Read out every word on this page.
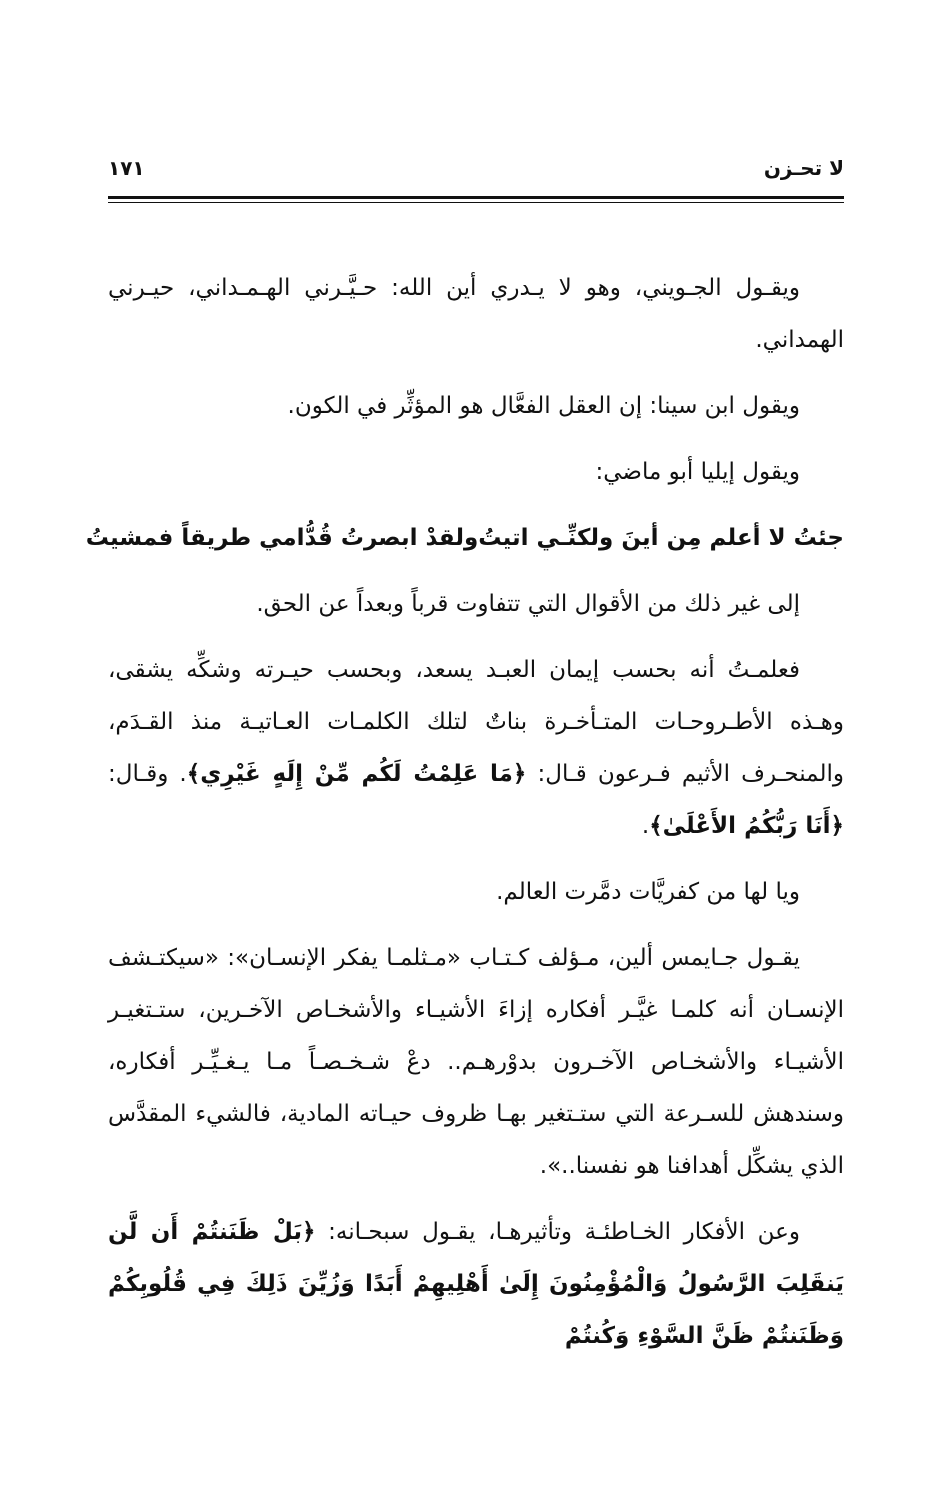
لا تحـزن
١٧١

ويقـول الجـويني، وهو لا يـدري أين الله: حـيَّـرني الهـمـداني، حيـرني الهمداني.

ويقول ابن سينا: إن العقل الفعَّال هو المؤثِّر في الكون.

ويقول إيليا أبو ماضي:

جئتُ لا أعلم مِن أينَ ولكنِّـي اتيتُ
ولقدْ ابصرتُ قُدُّامي طريقاً فمشيتُ

إلى غير ذلك من الأقوال التي تتفاوت قرباً وبعداً عن الحق.

فعلمـتُ أنه بحسب إيمان العبـد يسعد، وبحسب حيـرته وشكِّه يشقى، وهـذه الأطـروحـات المتـأخـرة بناتٌ لتلك الكلمـات العـاتيـة منذ القـدَم، والمنحـرف الأثيم فـرعون قـال: ﴿مَا عَلِمْتُ لَكُم مِّنْ إِلَهٍ غَيْرِي﴾. وقـال: ﴿أَنَا رَبُّكُمُ الأَعْلَىٰ﴾.

ويا لها من كفريَّات دمَّرت العالم.

يقـول جـايمس ألين، مـؤلف كـتـاب «مـثلمـا يفكر الإنسـان»: «سيكتـشف الإنسـان أنه كلمـا غيَّـر أفكاره إزاءَ الأشيـاء والأشخـاص الآخـرين، ستـتغيـر الأشيـاء والأشخـاص الآخـرون بدوْرهـم.. دعْ شـخـصـاً مـا يـغـيِّـر أفكاره، وسندهش للسـرعة التي ستـتغير بهـا ظروف حيـاته المادية، فالشيء المقدَّس الذي يشكِّل أهدافنا هو نفسنا..».

وعن الأفكار الخـاطئـة وتأثيرهـا، يقـول سبحـانه: ﴿بَلْ ظَنَنتُمْ أَن لَّن يَنقَلِبَ الرَّسُولُ وَالْمُؤْمِنُونَ إِلَىٰ أَهْلِيهِمْ أَبَدًا وَزُيِّنَ ذَلِكَ فِي قُلُوبِكُمْ وَظَنَنتُمْ ظَنَّ السَّوْءِ وَكُنتُمْ
